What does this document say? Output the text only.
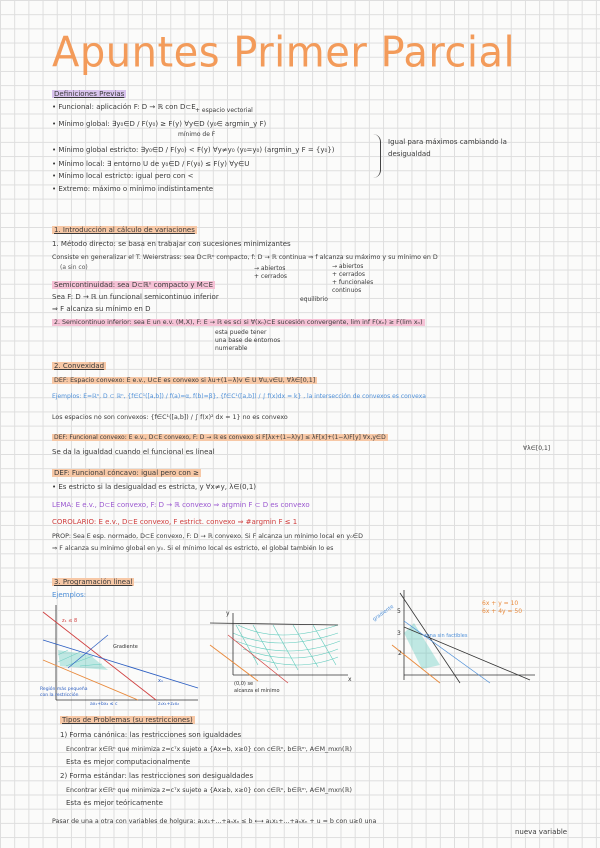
Apuntes Primer Parcial
Definiciones Previas
+ espacio vectorial
• Funcional: aplicación F: D → ℝ con D⊂E
• Mínimo global: ∃y₀∈D / F(y₀) ≥ F(y) ∀y∈D (y₀∈ argmin_y F)
mínimo de F
• Mínimo global estricto: ∃y₀∈D / F(y₀) < F(y) ∀y≠y₀ (y₀=y₀) (argmin_y F = {y₀})
• Mínimo local: ∃ entorno U de y₀∈D / F(y₀) ≤ F(y) ∀y∈U
• Mínimo local estricto: igual pero con <
• Extremo: máximo o mínimo indistintamente
Igual para máximos cambiando la
desigualdad
1. Introducción al cálculo de variaciones
1. Método directo: se basa en trabajar con sucesiones minimizantes
Consiste en generalizar el T. Weierstrass: sea D⊂ℝⁿ compacto, f: D → ℝ continua ⇒ f alcanza su máximo y su mínimo en D
(a sin co)	→ abiertos
+ cerrados
→ abiertos
+ cerrados
+ funcionales
continuos
Semicontinuidad: sea D⊂ℝⁿ compacto y M⊂E
Sea F: D → ℝ un funcional semicontinuo inferior
⇒ F alcanza su mínimo en D
equilibrio
2. Semicontinuo inferior: sea E un e.v. (M,X), F: E → ℝ es sci si ∀(xₙ)⊂E sucesión convergente, lim inf F(xₙ) ≥ F(lim xₙ)
esta puede tener
una base de entornos
numerable
2. Convexidad
DEF: Espacio convexo: E e.v., U⊂E es convexo si λu+(1−λ)v ∈ U ∀u,v∈U, ∀λ∈[0,1]
Ejemplos: E=ℝⁿ, D ⊂ ℝⁿ, {f∈C¹([a,b]) / f(a)=α, f(b)=β}, {f∈C¹([a,b]) / ∫ f(x)dx = k} , la intersección de convexos es convexa
Los espacios no son convexos: {f∈C¹([a,b]) / ∫ f(x)² dx = 1} no es convexo
DEF: Funcional convexo: E e.v., D⊂E convexo, F: D → ℝ es convexo si F[λx+(1−λ)y] ≤ λF[x]+(1−λ)F[y] ∀x,y∈D
∀λ∈[0,1]
Se da la igualdad cuando el funcional es lineal
DEF: Funcional cóncavo: igual pero con ≥
• Es estricto si la desigualdad es estricta, y ∀x≠y, λ∈(0,1)
LEMA: E e.v., D⊂E convexo, F: D → ℝ convexo ⇒ argmin F ⊂ D es convexo
COROLARIO: E e.v., D⊂E convexo, F estrict. convexo ⇒ #argmin F ≤ 1
PROP: Sea E esp. normado, D⊂E convexo, F: D → ℝ convexo. Si F alcanza un mínimo local en y₀∈D
⇒ F alcanza su mínimo global en y₀. Si el mínimo local es estricto, el global también lo es
3. Programación lineal
Ejemplos:
z₁ ≤ 8
Gradiente
x₁
Región más pequeña
con la restricción
ax₁+bx₂ ≤ c	z₁x₁+z₂x₂
y
x
(0,0) se
alcanza el mínimo
gradiente
zona sin factibles
6x + y = 10
6x + 4y = 50
5
3
2
Tipos de Problemas (su restricciones)
1) Forma canónica: las restricciones son igualdades
Encontrar x∈ℝⁿ que minimiza z=cᵀx sujeto a {Ax=b, x≥0} con c∈ℝⁿ, b∈ℝᵐ, A∈M_mxn(ℝ)
Esta es mejor computacionalmente
2) Forma estándar: las restricciones son desigualdades
Encontrar x∈ℝⁿ que minimiza z=cᵀx sujeto a {Ax≥b, x≥0} con c∈ℝⁿ, b∈ℝᵐ, A∈M_mxn(ℝ)
Esta es mejor teóricamente
Pasar de una a otra con variables de holgura: a₁x₁+...+aₙxₙ ≤ b ⟷ a₁x₁+...+aₙxₙ + u = b con u≥0 una
nueva variable
